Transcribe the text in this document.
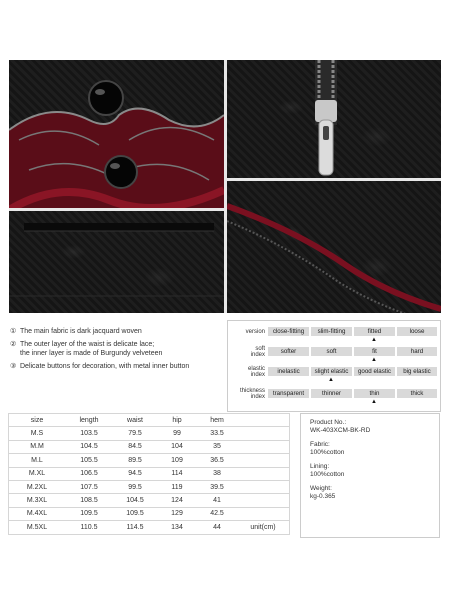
① The main fabric is dark jacquard woven
② The outer layer of the waist is delicate lace;
the inner layer is made of Burgundy velveteen
③ Delicate buttons for decoration, with metal inner button
version	close-fitting	slim-fitting	fitted	loose
▲
soft
index	softer	soft	fit	hard
▲
elastic
index	inelastic	slight elastic	good elastic	big elastic
▲
thickness
index	transparent	thinner	thin	thick
▲
size	length	waist	hip	hem	
M.S	103.5	79.5	99	33.5	
M.M	104.5	84.5	104	35	
M.L	105.5	89.5	109	36.5	
M.XL	106.5	94.5	114	38	
M.2XL	107.5	99.5	119	39.5	
M.3XL	108.5	104.5	124	41	
M.4XL	109.5	109.5	129	42.5	
M.5XL	110.5	114.5	134	44	unit(cm)
Product No.:
WK-403XCM-BK-RD
Fabric:
100%cotton
Lining:
100%cotton
Weight:
kg-0.365
